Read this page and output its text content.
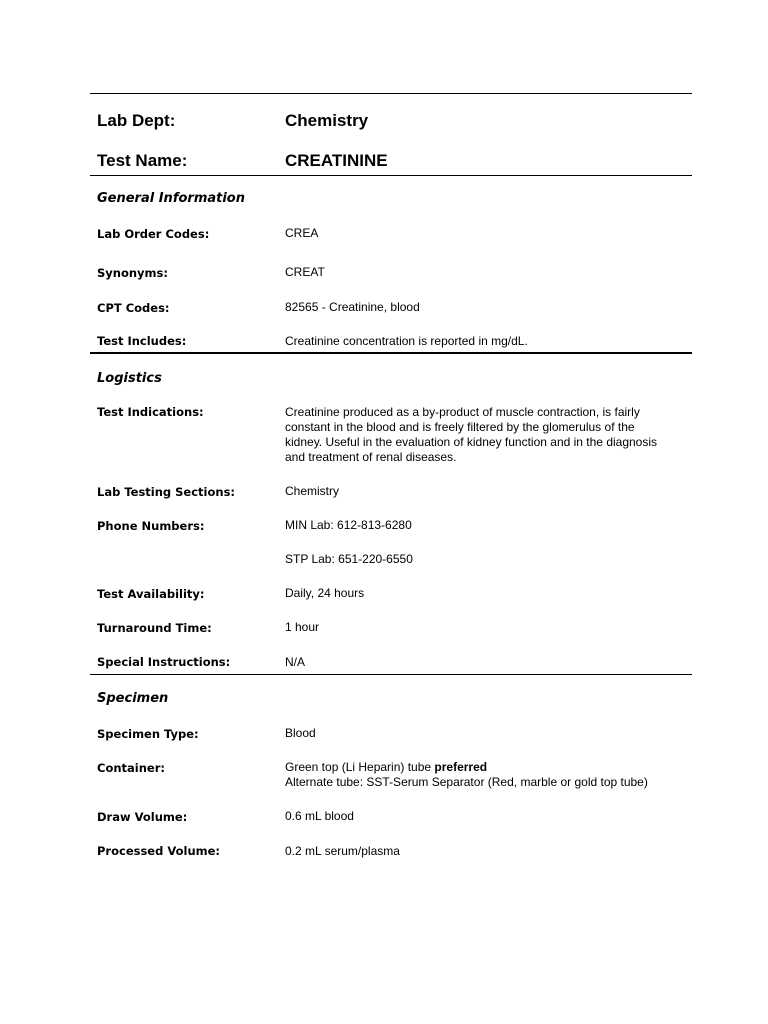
Lab Dept:	Chemistry
Test Name:	CREATININE
General Information
Lab Order Codes:	CREA
Synonyms:	CREAT
CPT Codes:	82565 - Creatinine, blood
Test Includes:	Creatinine concentration is reported in mg/dL.
Logistics
Test Indications:	Creatinine produced as a by-product of muscle contraction, is fairly
constant in the blood and is freely filtered by the glomerulus of the
kidney. Useful in the evaluation of kidney function and in the diagnosis
and treatment of renal diseases.
Lab Testing Sections:	Chemistry
Phone Numbers:	MIN Lab: 612-813-6280
STP Lab: 651-220-6550
Test Availability:	Daily, 24 hours
Turnaround Time:	1 hour
Special Instructions:	N/A
Specimen
Specimen Type:	Blood
Container:	Green top (Li Heparin) tube preferred
Alternate tube: SST-Serum Separator (Red, marble or gold top tube)
Draw Volume:	0.6 mL blood
Processed Volume:	0.2 mL serum/plasma
